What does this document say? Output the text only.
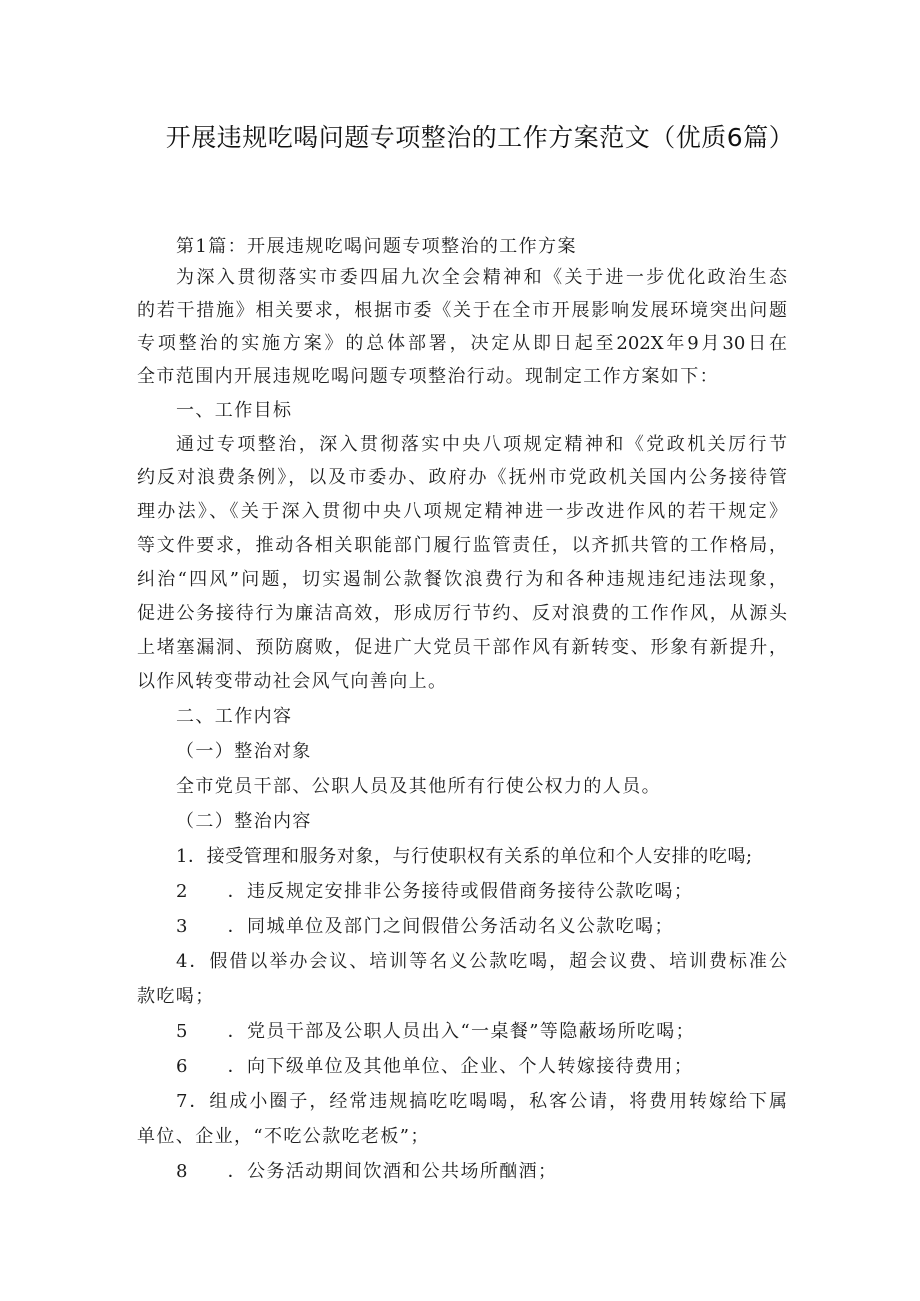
开展违规吃喝问题专项整治的工作方案范文（优质6篇）
第1篇：开展违规吃喝问题专项整治的工作方案
为深入贯彻落实市委四届九次全会精神和《关于进一步优化政治生态
的若干措施》相关要求，根据市委《关于在全市开展影响发展环境突出问题
专项整治的实施方案》的总体部署，决定从即日起至202X年9月30日在
全市范围内开展违规吃喝问题专项整治行动。现制定工作方案如下：
一、工作目标
通过专项整治，深入贯彻落实中央八项规定精神和《党政机关厉行节
约反对浪费条例》，以及市委办、政府办《抚州市党政机关国内公务接待管
理办法》、《关于深入贯彻中央八项规定精神进一步改进作风的若干规定》
等文件要求，推动各相关职能部门履行监管责任，以齐抓共管的工作格局，
纠治“四风”问题，切实遏制公款餐饮浪费行为和各种违规违纪违法现象，
促进公务接待行为廉洁高效，形成厉行节约、反对浪费的工作作风，从源头
上堵塞漏洞、预防腐败，促进广大党员干部作风有新转变、形象有新提升，
以作风转变带动社会风气向善向上。
二、工作内容
（一）整治对象
全市党员干部、公职人员及其他所有行使公权力的人员。
（二）整治内容
1．接受管理和服务对象，与行使职权有关系的单位和个人安排的吃喝;
2　　．违反规定安排非公务接待或假借商务接待公款吃喝；
3　　．同城单位及部门之间假借公务活动名义公款吃喝；
4．假借以举办会议、培训等名义公款吃喝，超会议费、培训费标准公
款吃喝；
5　　．党员干部及公职人员出入“一桌餐”等隐蔽场所吃喝；
6　　．向下级单位及其他单位、企业、个人转嫁接待费用；
7．组成小圈子，经常违规搞吃吃喝喝，私客公请，将费用转嫁给下属
单位、企业，“不吃公款吃老板”；
8　　．公务活动期间饮酒和公共场所酗酒；
